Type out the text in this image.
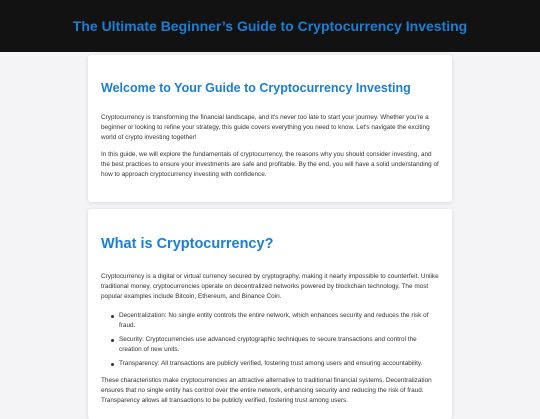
The Ultimate Beginner’s Guide to Cryptocurrency Investing
Welcome to Your Guide to Cryptocurrency Investing

Cryptocurrency is transforming the financial landscape, and it's never too late to start your journey. Whether you're a beginner or looking to refine your strategy, this guide covers everything you need to know. Let's navigate the exciting world of crypto investing together!

In this guide, we will explore the fundamentals of cryptocurrency, the reasons why you should consider investing, and the best practices to ensure your investments are safe and profitable. By the end, you will have a solid understanding of how to approach cryptocurrency investing with confidence.

What is Cryptocurrency?

Cryptocurrency is a digital or virtual currency secured by cryptography, making it nearly impossible to counterfeit. Unlike traditional money, cryptocurrencies operate on decentralized networks powered by blockchain technology. The most popular examples include Bitcoin, Ethereum, and Binance Coin.

Decentralization: No single entity controls the entire network, which enhances security and reduces the risk of fraud.
Security: Cryptocurrencies use advanced cryptographic techniques to secure transactions and control the creation of new units.
Transparency: All transactions are publicly verified, fostering trust among users and ensuring accountability.

These characteristics make cryptocurrencies an attractive alternative to traditional financial systems. Decentralization ensures that no single entity has control over the entire network, enhancing security and reducing the risk of fraud. Transparency allows all transactions to be publicly verified, fostering trust among users.
